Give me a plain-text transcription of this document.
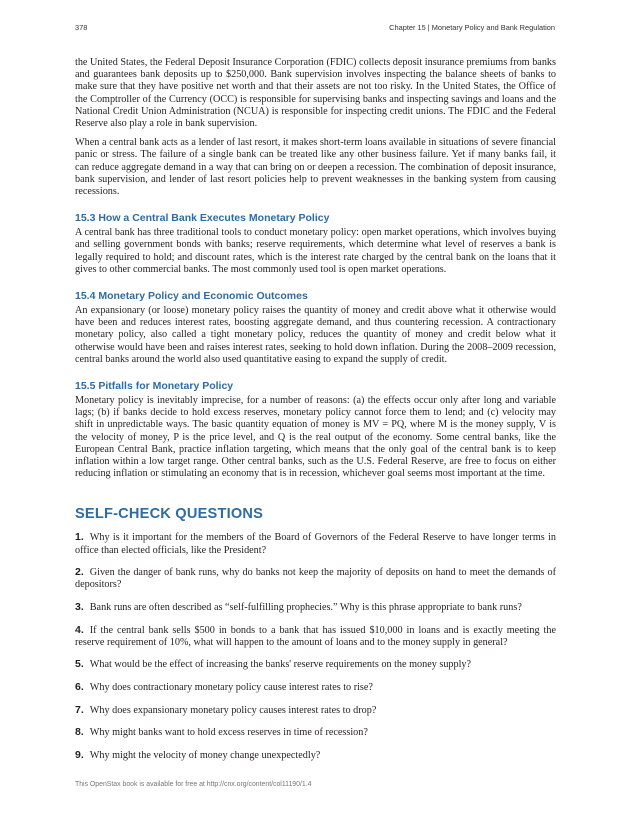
378	Chapter 15 | Monetary Policy and Bank Regulation

the United States, the Federal Deposit Insurance Corporation (FDIC) collects deposit insurance premiums from banks and guarantees bank deposits up to $250,000. Bank supervision involves inspecting the balance sheets of banks to make sure that they have positive net worth and that their assets are not too risky. In the United States, the Office of the Comptroller of the Currency (OCC) is responsible for supervising banks and inspecting savings and loans and the National Credit Union Administration (NCUA) is responsible for inspecting credit unions. The FDIC and the Federal Reserve also play a role in bank supervision.

When a central bank acts as a lender of last resort, it makes short-term loans available in situations of severe financial panic or stress. The failure of a single bank can be treated like any other business failure. Yet if many banks fail, it can reduce aggregate demand in a way that can bring on or deepen a recession. The combination of deposit insurance, bank supervision, and lender of last resort policies help to prevent weaknesses in the banking system from causing recessions.

15.3 How a Central Bank Executes Monetary Policy

A central bank has three traditional tools to conduct monetary policy: open market operations, which involves buying and selling government bonds with banks; reserve requirements, which determine what level of reserves a bank is legally required to hold; and discount rates, which is the interest rate charged by the central bank on the loans that it gives to other commercial banks. The most commonly used tool is open market operations.

15.4 Monetary Policy and Economic Outcomes

An expansionary (or loose) monetary policy raises the quantity of money and credit above what it otherwise would have been and reduces interest rates, boosting aggregate demand, and thus countering recession. A contractionary monetary policy, also called a tight monetary policy, reduces the quantity of money and credit below what it otherwise would have been and raises interest rates, seeking to hold down inflation. During the 2008–2009 recession, central banks around the world also used quantitative easing to expand the supply of credit.

15.5 Pitfalls for Monetary Policy

Monetary policy is inevitably imprecise, for a number of reasons: (a) the effects occur only after long and variable lags; (b) if banks decide to hold excess reserves, monetary policy cannot force them to lend; and (c) velocity may shift in unpredictable ways. The basic quantity equation of money is MV = PQ, where M is the money supply, V is the velocity of money, P is the price level, and Q is the real output of the economy. Some central banks, like the European Central Bank, practice inflation targeting, which means that the only goal of the central bank is to keep inflation within a low target range. Other central banks, such as the U.S. Federal Reserve, are free to focus on either reducing inflation or stimulating an economy that is in recession, whichever goal seems most important at the time.

SELF-CHECK QUESTIONS
1. Why is it important for the members of the Board of Governors of the Federal Reserve to have longer terms in office than elected officials, like the President?
2. Given the danger of bank runs, why do banks not keep the majority of deposits on hand to meet the demands of depositors?
3. Bank runs are often described as “self-fulfilling prophecies.” Why is this phrase appropriate to bank runs?
4. If the central bank sells $500 in bonds to a bank that has issued $10,000 in loans and is exactly meeting the reserve requirement of 10%, what will happen to the amount of loans and to the money supply in general?
5. What would be the effect of increasing the banks' reserve requirements on the money supply?
6. Why does contractionary monetary policy cause interest rates to rise?
7. Why does expansionary monetary policy causes interest rates to drop?
8. Why might banks want to hold excess reserves in time of recession?
9. Why might the velocity of money change unexpectedly?
This OpenStax book is available for free at http://cnx.org/content/col11190/1.4
